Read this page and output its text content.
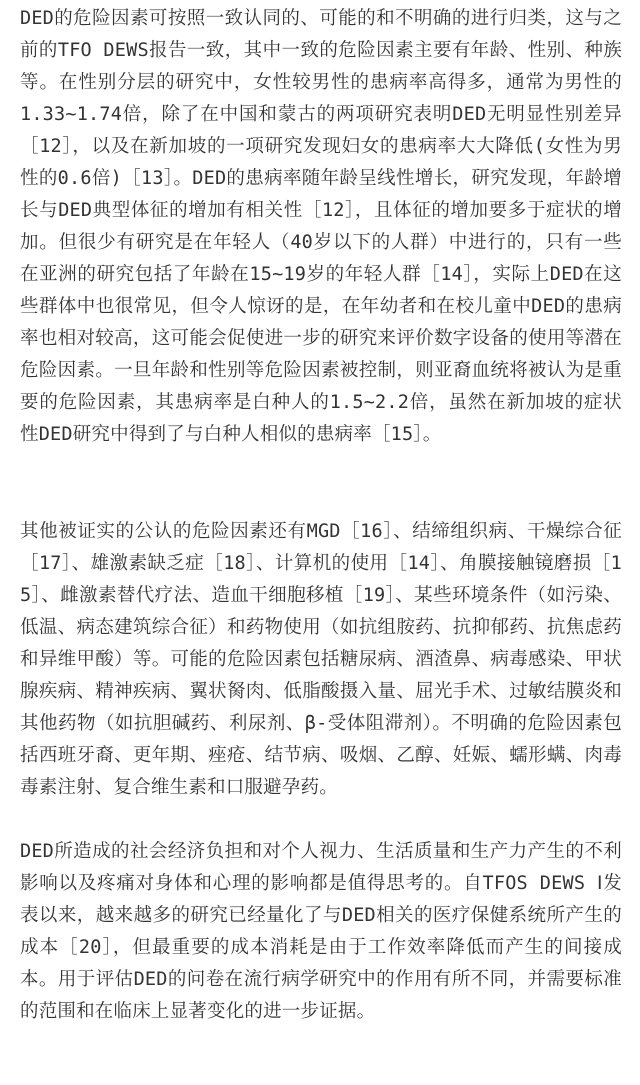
DED的危险因素可按照一致认同的、可能的和不明确的进行归类，这与之前的TFO DEWS报告一致，其中一致的危险因素主要有年龄、性别、种族等。在性别分层的研究中，女性较男性的患病率高得多，通常为男性的1.33~1.74倍，除了在中国和蒙古的两项研究表明DED无明显性别差异［12］，以及在新加坡的一项研究发现妇女的患病率大大降低(女性为男性的0.6倍)［13］。DED的患病率随年龄呈线性增长，研究发现，年龄增长与DED典型体征的增加有相关性［12］，且体征的增加要多于症状的增加。但很少有研究是在年轻人（40岁以下的人群）中进行的，只有一些在亚洲的研究包括了年龄在15~19岁的年轻人群［14］，实际上DED在这些群体中也很常见，但令人惊讶的是，在年幼者和在校儿童中DED的患病率也相对较高，这可能会促使进一步的研究来评价数字设备的使用等潜在危险因素。一旦年龄和性别等危险因素被控制，则亚裔血统将被认为是重要的危险因素，其患病率是白种人的1.5~2.2倍，虽然在新加坡的症状性DED研究中得到了与白种人相似的患病率［15］。

其他被证实的公认的危险因素还有MGD［16］、结缔组织病、干燥综合征［17］、雄激素缺乏症［18］、计算机的使用［14］、角膜接触镜磨损［15］、雌激素替代疗法、造血干细胞移植［19］、某些环境条件（如污染、低温、病态建筑综合征）和药物使用（如抗组胺药、抗抑郁药、抗焦虑药和异维甲酸）等。可能的危险因素包括糖尿病、酒渣鼻、病毒感染、甲状腺疾病、精神疾病、翼状胬肉、低脂酸摄入量、屈光手术、过敏结膜炎和其他药物（如抗胆碱药、利尿剂、β-受体阻滞剂）。不明确的危险因素包括西班牙裔、更年期、痤疮、结节病、吸烟、乙醇、妊娠、蠕形螨、肉毒毒素注射、复合维生素和口服避孕药。

DED所造成的社会经济负担和对个人视力、生活质量和生产力产生的不利影响以及疼痛对身体和心理的影响都是值得思考的。自TFOS DEWS Ⅰ发表以来，越来越多的研究已经量化了与DED相关的医疗保健系统所产生的成本［20］，但最重要的成本消耗是由于工作效率降低而产生的间接成本。用于评估DED的问卷在流行病学研究中的作用有所不同，并需要标准的范围和在临床上显著变化的进一步证据。
